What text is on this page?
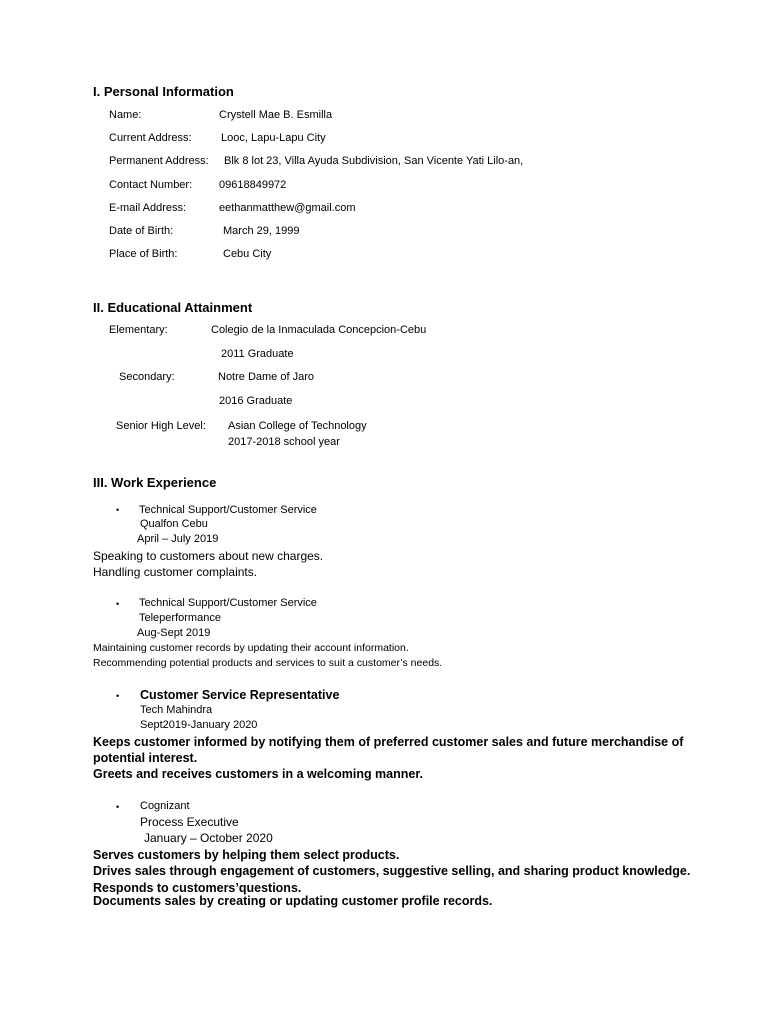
I. Personal Information
Name:	Crystell Mae B. Esmilla
Current Address:	Looc, Lapu-Lapu City
Permanent Address: Blk 8 lot 23, Villa Ayuda Subdivision, San Vicente Yati Lilo-an,
Contact Number: 09618849972
E-mail Address:	eethanmatthew@gmail.com
Date of Birth:	March 29, 1999
Place of Birth:	Cebu City
II. Educational Attainment
Elementary:	Colegio de la Inmaculada Concepcion-Cebu
2011 Graduate
Secondary:	Notre Dame of Jaro
2016 Graduate
Senior High Level: Asian College of Technology
2017-2018 school year
III. Work Experience
• Technical Support/Customer Service
Qualfon Cebu
April – July 2019
Speaking to customers about new charges.
Handling customer complaints.
• Technical Support/Customer Service
Teleperformance
Aug-Sept 2019
Maintaining customer records by updating their account information.
Recommending potential products and services to suit a customer’s needs.
• Customer Service Representative
Tech Mahindra
Sept2019-January 2020
Keeps customer informed by notifying them of preferred customer sales and future merchandise of
potential interest.
Greets and receives customers in a welcoming manner.
• Cognizant
Process Executive
January – October 2020
Serves customers by helping them select products.
Drives sales through engagement of customers, suggestive selling, and sharing product knowledge.
Responds to customers’questions.
Documents sales by creating or updating customer profile records.
